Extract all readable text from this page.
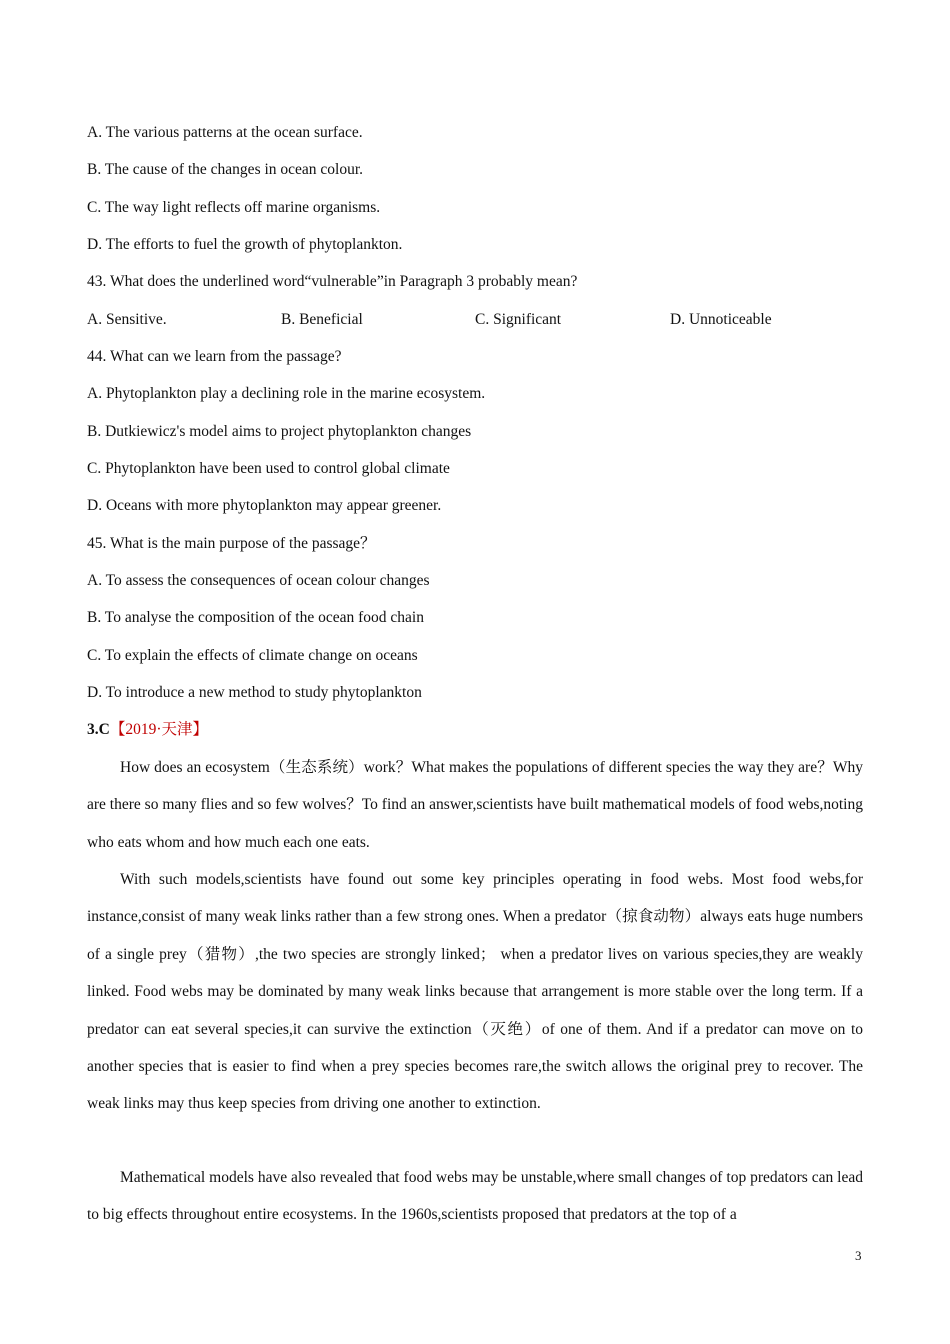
A. The various patterns at the ocean surface.
B. The cause of the changes in ocean colour.
C. The way light reflects off marine organisms.
D. The efforts to fuel the growth of phytoplankton.
43. What does the underlined word“vulnerable”in Paragraph 3 probably mean?
A. Sensitive.	B. Beneficial	C. Significant	D. Unnoticeable
44. What can we learn from the passage?
A. Phytoplankton play a declining role in the marine ecosystem.
B. Dutkiewicz's model aims to project phytoplankton changes
C. Phytoplankton have been used to control global climate
D. Oceans with more phytoplankton may appear greener.
45. What is the main purpose of the passage？
A. To assess the consequences of ocean colour changes
B. To analyse the composition of the ocean food chain
C. To explain the effects of climate change on oceans
D. To introduce a new method to study phytoplankton
3.C【2019·天津】
How does an ecosystem（生态系统）work？What makes the populations of different species the way they are？Why are there so many flies and so few wolves？To find an answer,scientists have built mathematical models of food webs,noting who eats whom and how much each one eats.
With such models,scientists have found out some key principles operating in food webs. Most food webs,for instance,consist of many weak links rather than a few strong ones. When a predator（掠食动物）always eats huge numbers of a single prey（猎物）,the two species are strongly linked； when a predator lives on various species,they are weakly linked. Food webs may be dominated by many weak links because that arrangement is more stable over the long term. If a predator can eat several species,it can survive the extinction（灭绝）of one of them. And if a predator can move on to another species that is easier to find when a prey species becomes rare,the switch allows the original prey to recover. The weak links may thus keep species from driving one another to extinction.
Mathematical models have also revealed that food webs may be unstable,where small changes of top predators can lead to big effects throughout entire ecosystems. In the 1960s,scientists proposed that predators at the top of a
3
